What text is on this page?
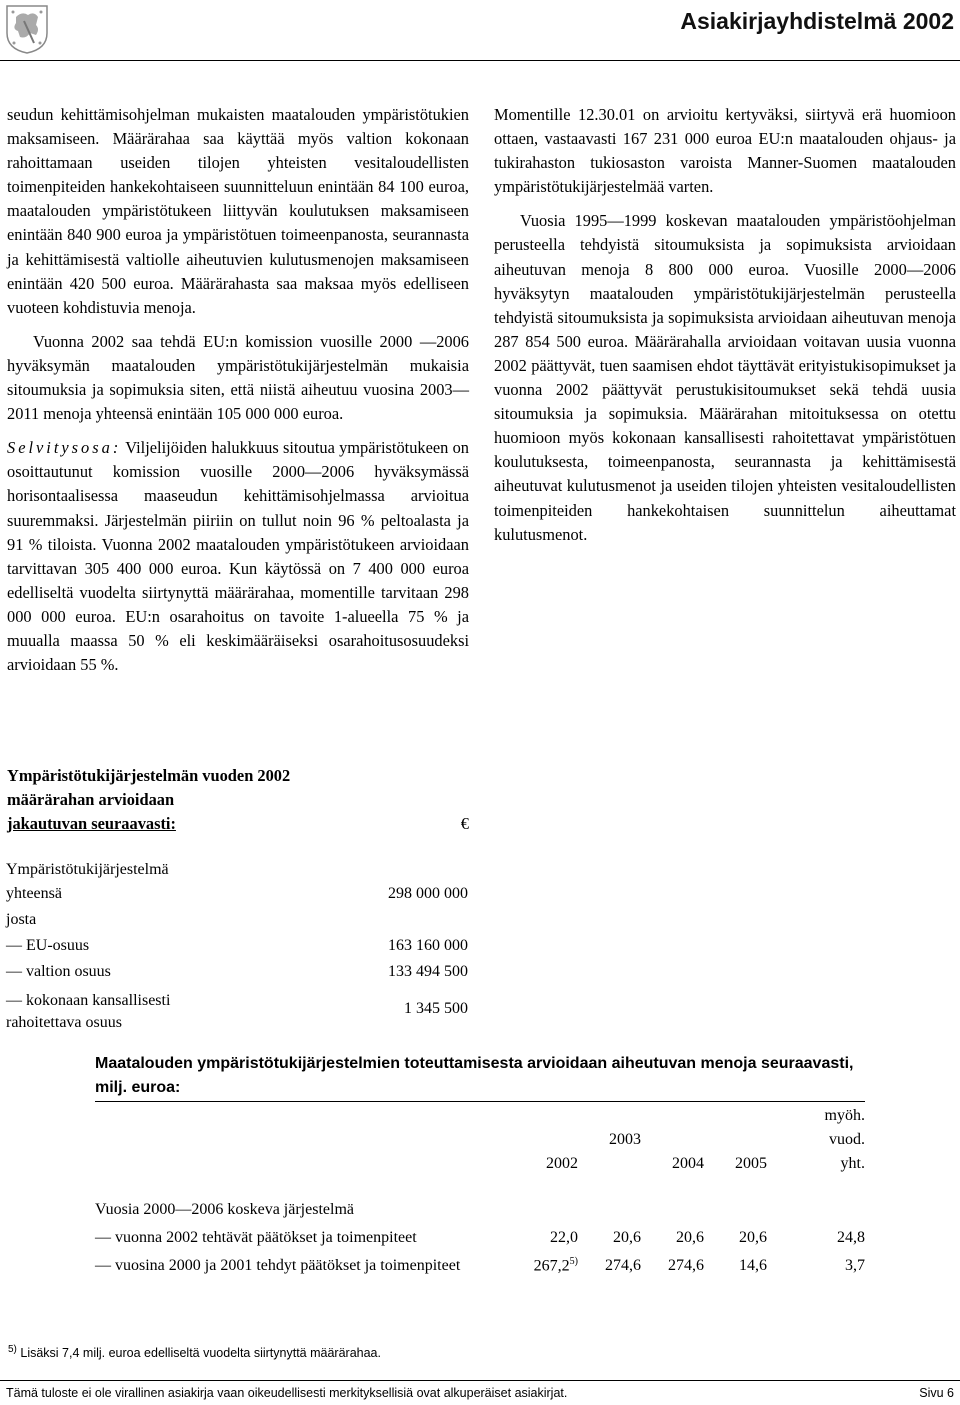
Asiakirjayhdistelmä 2002

seudun kehittämisohjelman mukaisten maatalouden ympäristötukien maksamiseen. Määrärahaa saa käyttää myös valtion kokonaan rahoittamaan useiden tilojen yhteisten vesitaloudellisten toimenpiteiden hankekohtaiseen suunnitteluun enintään 84 100 euroa, maatalouden ympäristötukeen liittyvän koulutuksen maksamiseen enintään 840 900 euroa ja ympäristötuen toimeenpanosta, seurannasta ja kehittämisestä valtiolle aiheutuvien kulutusmenojen maksamiseen enintään 420 500 euroa. Määrärahasta saa maksaa myös edelliseen vuoteen kohdistuvia menoja.

Vuonna 2002 saa tehdä EU:n komission vuosille 2000 —2006 hyväksymän maatalouden ympäristötukijärjestelmän mukaisia sitoumuksia ja sopimuksia siten, että niistä aiheutuu vuosina 2003—2011 menoja yhteensä enintään 105 000 000 euroa.

Selvitysosa: Viljelijöiden halukkuus sitoutua ympäristötukeen on osoittautunut komission vuosille 2000—2006 hyväksymässä horisontaalisessa maaseudun kehittämisohjelmassa arvioitua suuremmaksi. Järjestelmän piiriin on tullut noin 96 % peltoalasta ja 91 % tiloista. Vuonna 2002 maatalouden ympäristötukeen arvioidaan tarvittavan 305 400 000 euroa. Kun käytössä on 7 400 000 euroa edelliseltä vuodelta siirtynyttä määrärahaa, momentille tarvitaan 298 000 000 euroa. EU:n osarahoitus on tavoite 1-alueella 75 % ja muualla maassa 50 % eli keskimääräiseksi osarahoitusosuudeksi arvioidaan 55 %.

Momentille 12.30.01 on arvioitu kertyväksi, siirtyvä erä huomioon ottaen, vastaavasti 167 231 000 euroa EU:n maatalouden ohjaus- ja tukirahaston tukiosaston varoista Manner-Suomen maatalouden ympäristötukijärjestelmää varten.

Vuosia 1995—1999 koskevan maatalouden ympäristöohjelman perusteella tehdyistä sitoumuksista ja sopimuksista arvioidaan aiheutuvan menoja 8 800 000 euroa. Vuosille 2000—2006 hyväksytyn maatalouden ympäristötukijärjestelmän perusteella tehdyistä sitoumuksista ja sopimuksista arvioidaan aiheutuvan menoja 287 854 500 euroa. Määrärahalla arvioidaan voitavan uusia vuonna 2002 päättyvät, tuen saamisen ehdot täyttävät erityistukisopimukset ja vuonna 2002 päättyvät perustukisitoumukset sekä tehdä uusia sitoumuksia ja sopimuksia. Määrärahan mitoituksessa on otettu huomioon myös kokonaan kansallisesti rahoitettavat ympäristötuen koulutuksesta, toimeenpanosta, seurannasta ja kehittämisestä aiheutuvat kulutusmenot ja useiden tilojen yhteisten vesitaloudellisten toimenpiteiden hankekohtaisen suunnittelun aiheuttamat kulutusmenot.

Ympäristötukijärjestelmän vuoden 2002
määrärahan arvioidaan
jakautuvan seuraavasti:	€
Ympäristötukijärjestelmä yhteensä	298 000 000
josta	
— EU-osuus	163 160 000
— valtion osuus	133 494 500
— kokonaan kansallisesti rahoitettava osuus	1 345 500
Maatalouden ympäristötukijärjestelmien toteuttamisesta arvioidaan aiheutuvan menoja seuraavasti, milj. euroa:
					myöh.
		2003			vuod.
	2002		2004	2005	yht.

Vuosia 2000—2006 koskeva järjestelmä					
— vuonna 2002 tehtävät päätökset ja toimenpiteet	22,0	20,6	20,6	20,6	24,8
— vuosina 2000 ja 2001 tehdyt päätökset ja toimenpiteet	267,2$^{5)}$	274,6	274,6	14,6	3,7
$^{5)}$ Lisäksi 7,4 milj. euroa edelliseltä vuodelta siirtynyttä määrärahaa.
Tämä tuloste ei ole virallinen asiakirja vaan oikeudellisesti merkityksellisiä ovat alkuperäiset asiakirjat.	Sivu 6
